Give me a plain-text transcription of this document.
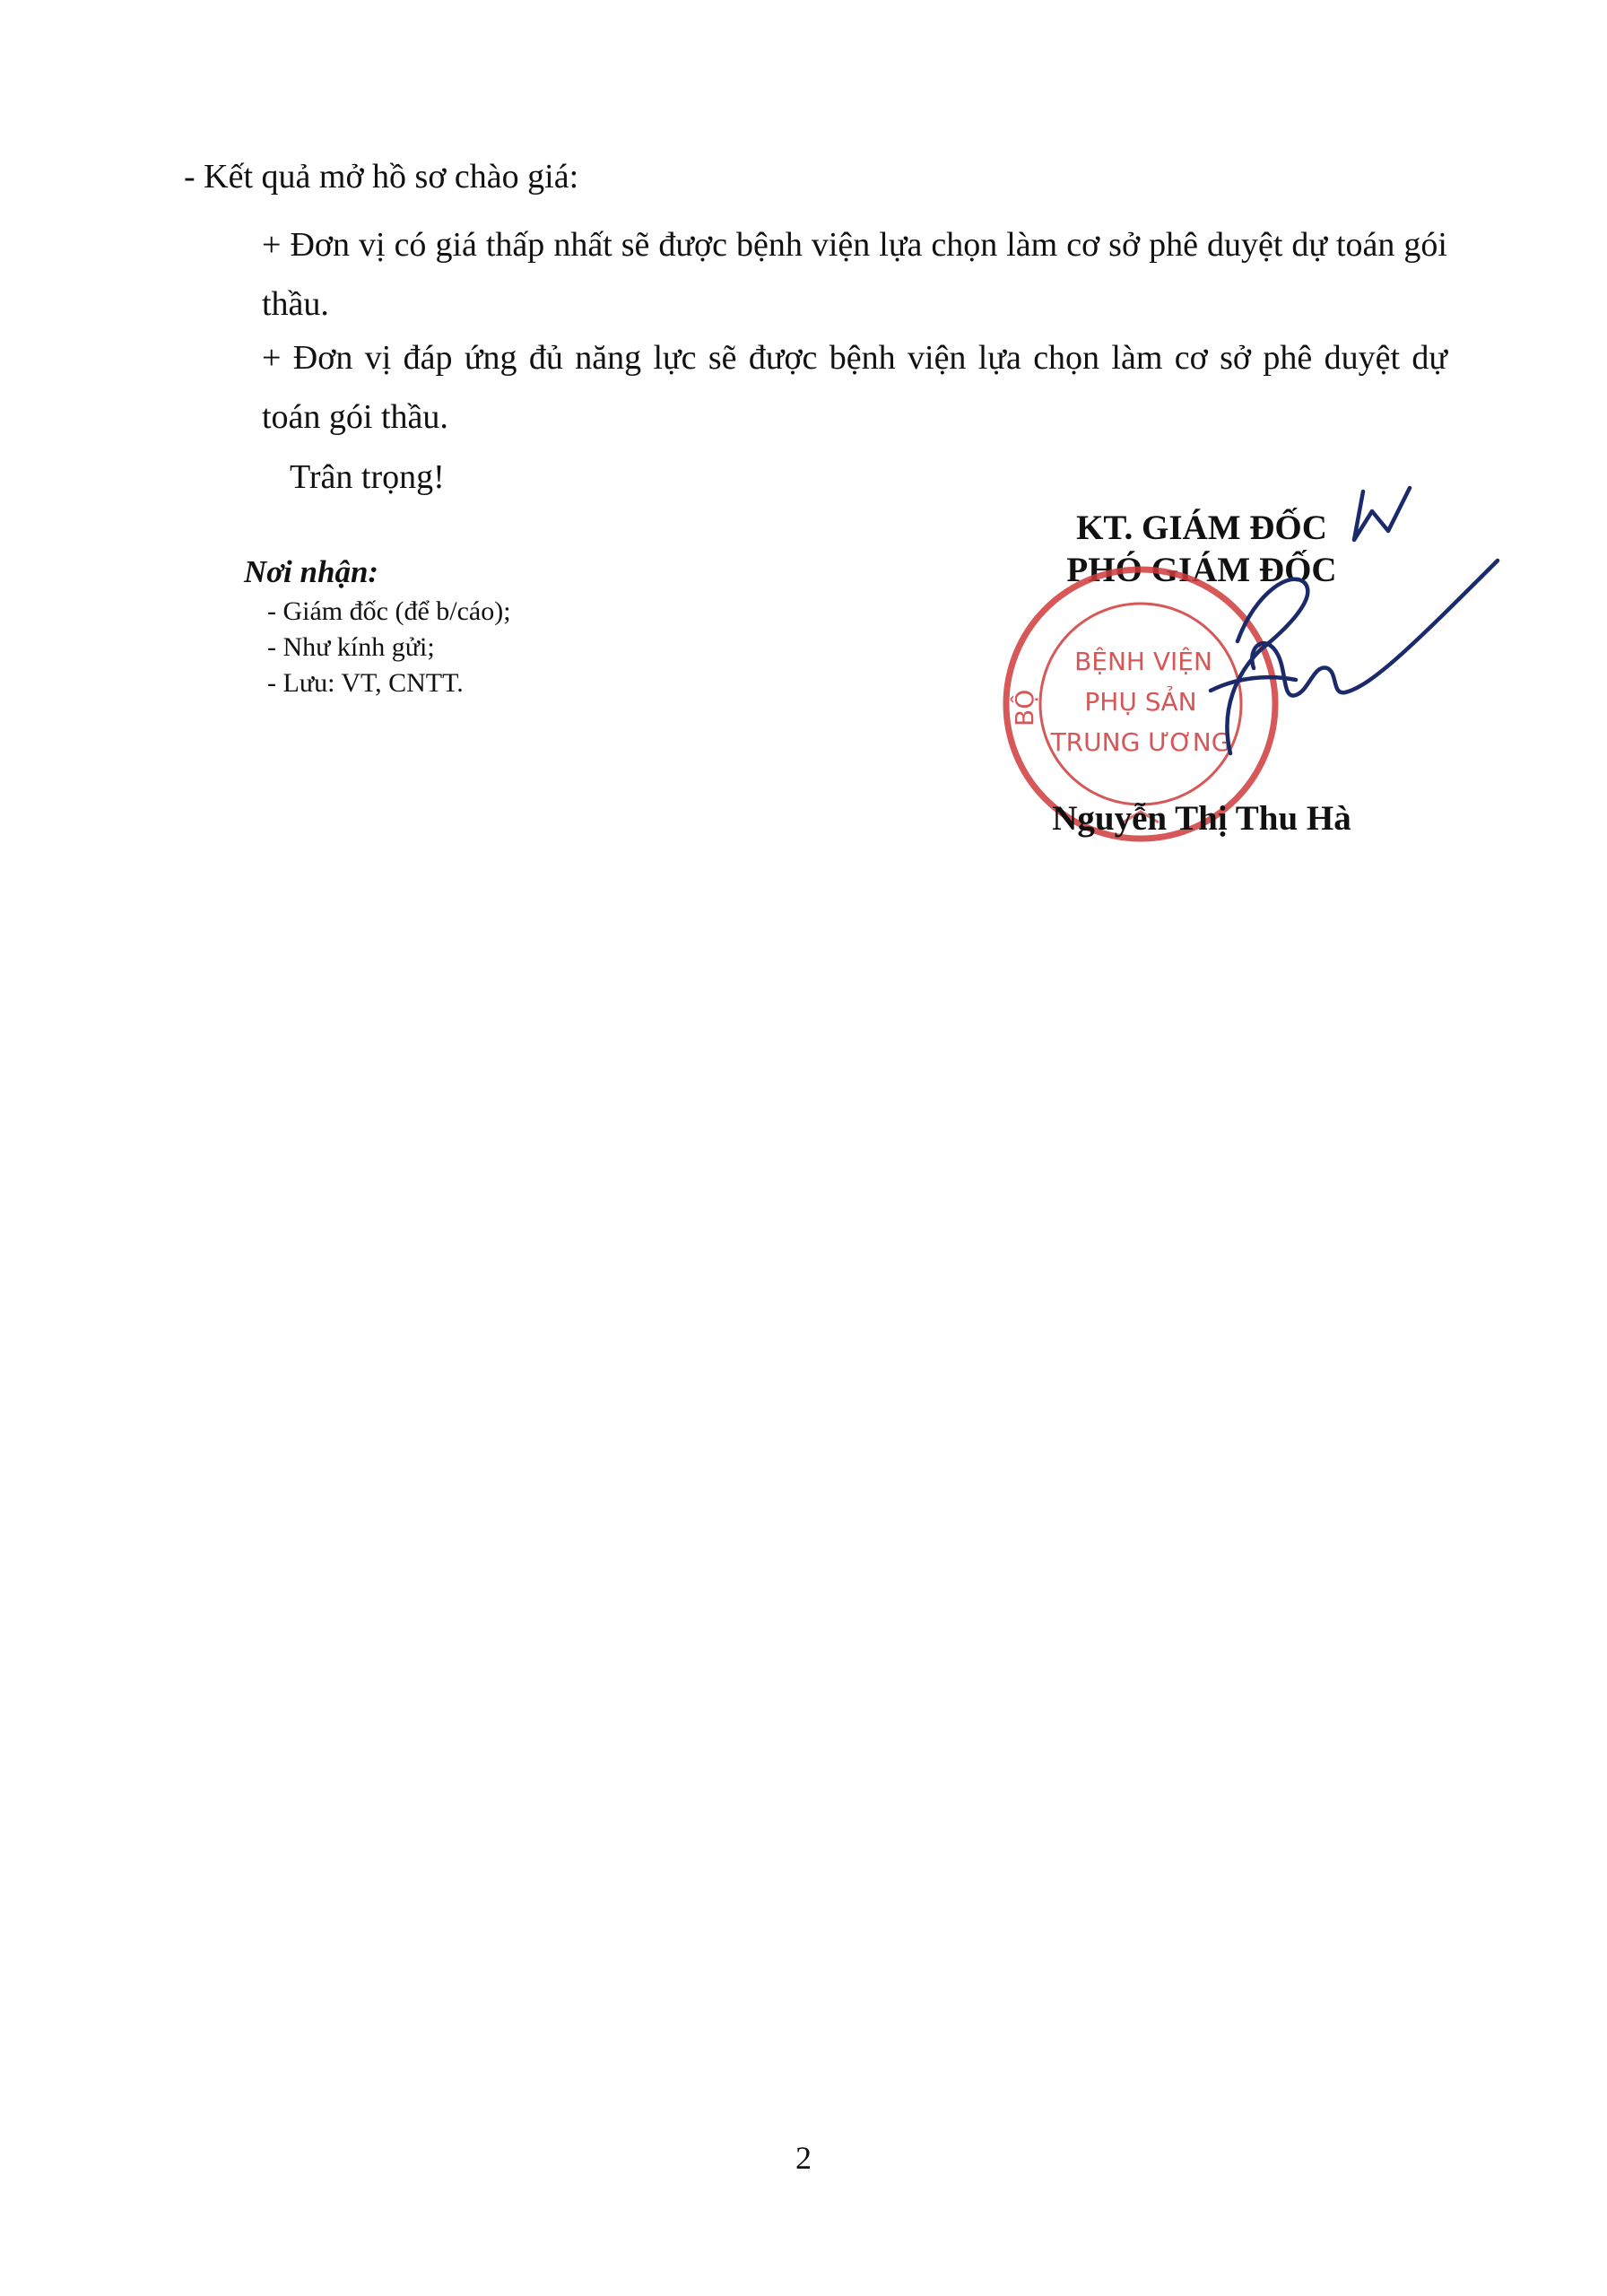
- Kết quả mở hồ sơ chào giá:

+ Đơn vị có giá thấp nhất sẽ được bệnh viện lựa chọn làm cơ sở phê duyệt dự toán gói thầu.

+ Đơn vị đáp ứng đủ năng lực sẽ được bệnh viện lựa chọn làm cơ sở phê duyệt dự toán gói thầu.

Trân trọng!

Nơi nhận:

- Giám đốc (để b/cáo);
- Như kính gửi;
- Lưu: VT, CNTT.

KT. GIÁM ĐỐC

PHÓ GIÁM ĐỐC

BỘ
BỆNH VIỆN
PHỤ SẢN
TRUNG ƯƠNG

Nguyễn Thị Thu Hà

2
